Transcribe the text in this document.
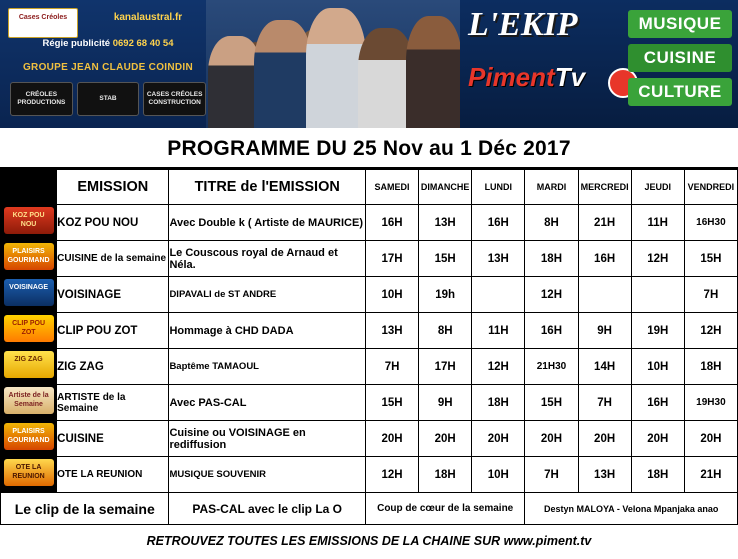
Cases Créoles	kanalaustral.fr
Régie publicité 0692 68 40 54
GROUPE JEAN CLAUDE COINDIN
CRÉOLES PRODUCTIONS
STAB
CASES CRÉOLES CONSTRUCTION
L'EKIP
PimentTv
MUSIQUE
CUISINE
CULTURE
PROGRAMME DU 25 Nov au 1 Déc 2017
	EMISSION	TITRE de l'EMISSION	SAMEDI	DIMANCHE	LUNDI	MARDI	MERCREDI	JEUDI	VENDREDI
KOZ POU NOU	KOZ POU NOU	Avec Double k ( Artiste de MAURICE)	16H	13H	16H	8H	21H	11H	16H30
PLAISIRS GOURMAND	CUISINE de la semaine	Le Couscous royal de Arnaud et Néla.	17H	15H	13H	18H	16H	12H	15H
VOISINAGE	VOISINAGE	DIPAVALI de ST ANDRE	10H	19h		12H			7H
CLIP POU ZOT	CLIP POU ZOT	Hommage à CHD DADA	13H	8H	11H	16H	9H	19H	12H
ZIG ZAG	ZIG ZAG	Baptême TAMAOUL	7H	17H	12H	21H30	14H	10H	18H
Artiste de la Semaine	ARTISTE de la Semaine	Avec PAS-CAL	15H	9H	18H	15H	7H	16H	19H30
PLAISIRS GOURMAND	CUISINE	Cuisine ou VOISINAGE en rediffusion	20H	20H	20H	20H	20H	20H	20H
OTE LA REUNION	OTE LA REUNION	MUSIQUE SOUVENIR	12H	18H	10H	7H	13H	18H	21H
Le clip de la semaine		PAS-CAL avec le clip La O	Coup de cœur de la semaine			Destyn MALOYA - Velona Mpanjaka anao			
RETROUVEZ TOUTES LES EMISSIONS DE LA CHAINE SUR www.piment.tv
